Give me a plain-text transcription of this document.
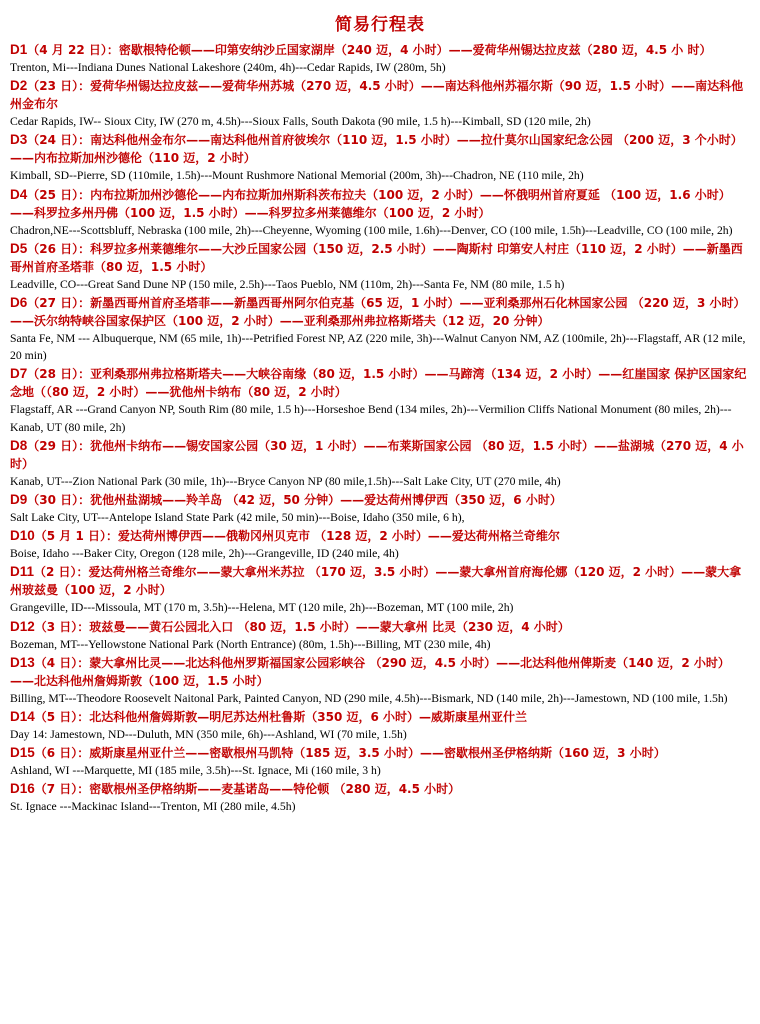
简易行程表

D1（4 月 22 日）：密歇根特伦顿——印第安纳沙丘国家湖岸（240 迈，4 小时）——爱荷华州锡达拉皮兹（280 迈，4.5 小 时）

Trenton, Mi---Indiana Dunes National Lakeshore (240m, 4h)---Cedar Rapids, IW (280m, 5h)

D2（23 日）：爱荷华州锡达拉皮兹——爱荷华州苏城（270 迈，4.5 小时）——南达科他州苏福尔斯（90 迈，1.5 小时）——南达科他州金布尔

Cedar Rapids, IW-- Sioux City, IW (270 m, 4.5h)---Sioux Falls, South Dakota (90 mile, 1.5 h)---Kimball, SD (120 mile, 2h)

D3（24 日）：南达科他州金布尔——南达科他州首府彼埃尔（110 迈，1.5 小时）——拉什莫尔山国家纪念公园 （200 迈，3 个小时）——内布拉斯加州沙德伦（110 迈，2 小时）

Kimball, SD--Pierre, SD (110mile, 1.5h)---Mount Rushmore National Memorial (200m, 3h)---Chadron, NE (110 mile, 2h)

D4（25 日）：内布拉斯加州沙德伦——内布拉斯加州斯科茨布拉夫（100 迈，2 小时）——怀俄明州首府夏延 （100 迈，1.6 小时）——科罗拉多州丹佛（100 迈，1.5 小时）——科罗拉多州莱德维尔（100 迈，2 小时）

Chadron,NE---Scottsbluff, Nebraska (100 mile, 2h)---Cheyenne, Wyoming (100 mile, 1.6h)---Denver, CO (100 mile, 1.5h)---Leadville, CO (100 mile, 2h)

D5（26 日）：科罗拉多州莱德维尔——大沙丘国家公园（150 迈，2.5 小时）——陶斯村 印第安人村庄（110 迈，2 小时）——新墨西哥州首府圣塔菲（80 迈，1.5 小时）

Leadville, CO---Great Sand Dune NP (150 mile, 2.5h)---Taos Pueblo, NM (110m, 2h)---Santa Fe, NM (80 mile, 1.5 h)

D6（27 日）：新墨西哥州首府圣塔菲——新墨西哥州阿尔伯克基（65 迈，1 小时）——亚利桑那州石化林国家公园 （220 迈，3 小时）——沃尔纳特峡谷国家保护区（100 迈，2 小时）——亚利桑那州弗拉格斯塔夫（12 迈，20 分钟）

Santa Fe, NM --- Albuquerque, NM (65 mile, 1h)---Petrified Forest NP, AZ (220 mile, 3h)---Walnut Canyon NM, AZ (100mile, 2h)---Flagstaff, AR (12 mile, 20 min)

D7（28 日）：亚利桑那州弗拉格斯塔夫——大峡谷南缘（80 迈，1.5 小时）——马蹄湾（134 迈，2 小时）——红崖国家 保护区国家纪念地（（80 迈，2 小时）——犹他州卡纳布（80 迈，2 小时）

Flagstaff, AR ---Grand Canyon NP, South Rim (80 mile, 1.5 h)---Horseshoe Bend (134 miles, 2h)---Vermilion Cliffs National Monument (80 miles, 2h)---Kanab, UT (80 mile, 2h)

D8（29 日）：犹他州卡纳布——锡安国家公园（30 迈，1 小时）——布莱斯国家公园 （80 迈，1.5 小时）——盐湖城（270 迈，4 小时）

Kanab, UT---Zion National Park (30 mile, 1h)---Bryce Canyon NP (80 mile,1.5h)---Salt Lake City, UT (270 mile, 4h)

D9（30 日）：犹他州盐湖城——羚羊岛 （42 迈，50 分钟）——爱达荷州博伊西（350 迈，6 小时）

Salt Lake City, UT---Antelope Island State Park (42 mile, 50 min)---Boise, Idaho (350 mile, 6 h),

D10（5 月 1 日）：爱达荷州博伊西——俄勒冈州贝克市 （128 迈，2 小时）——爱达荷州格兰奇维尔

Boise, Idaho ---Baker City, Oregon (128 mile, 2h)---Grangeville, ID (240 mile, 4h)

D11（2 日）：爱达荷州格兰奇维尔——蒙大拿州米苏拉 （170 迈，3.5 小时）——蒙大拿州首府海伦娜（120 迈，2 小时）——蒙大拿州玻兹曼（100 迈，2 小时）

Grangeville, ID---Missoula, MT (170 m, 3.5h)---Helena, MT (120 mile, 2h)---Bozeman, MT (100 mile, 2h)

D12（3 日）：玻兹曼——黄石公园北入口 （80 迈，1.5 小时）——蒙大拿州 比灵（230 迈，4 小时）

Bozeman, MT---Yellowstone National Park (North Entrance) (80m, 1.5h)---Billing, MT (230 mile, 4h)

D13（4 日）：蒙大拿州比灵——北达科他州罗斯福国家公园彩峡谷 （290 迈，4.5 小时）——北达科他州俾斯麦（140 迈，2 小时）——北达科他州詹姆斯敦（100 迈，1.5 小时）

Billing, MT---Theodore Roosevelt Naitonal Park, Painted Canyon, ND (290 mile, 4.5h)---Bismark, ND (140 mile, 2h)---Jamestown, ND (100 mile, 1.5h)

D14（5 日）：北达科他州詹姆斯敦—明尼苏达州杜鲁斯（350 迈，6 小时）—威斯康星州亚什兰

Day 14: Jamestown, ND---Duluth, MN (350 mile, 6h)---Ashland, WI (70 mile, 1.5h)

D15（6 日）：威斯康星州亚什兰——密歇根州马凯特（185 迈，3.5 小时）——密歇根州圣伊格纳斯（160 迈，3 小时）

Ashland, WI ---Marquette, MI (185 mile, 3.5h)---St. Ignace, Mi (160 mile, 3 h)

D16（7 日）：密歇根州圣伊格纳斯——麦基诺岛——特伦顿 （280 迈，4.5 小时）

St. Ignace ---Mackinac Island---Trenton, MI (280 mile, 4.5h)
